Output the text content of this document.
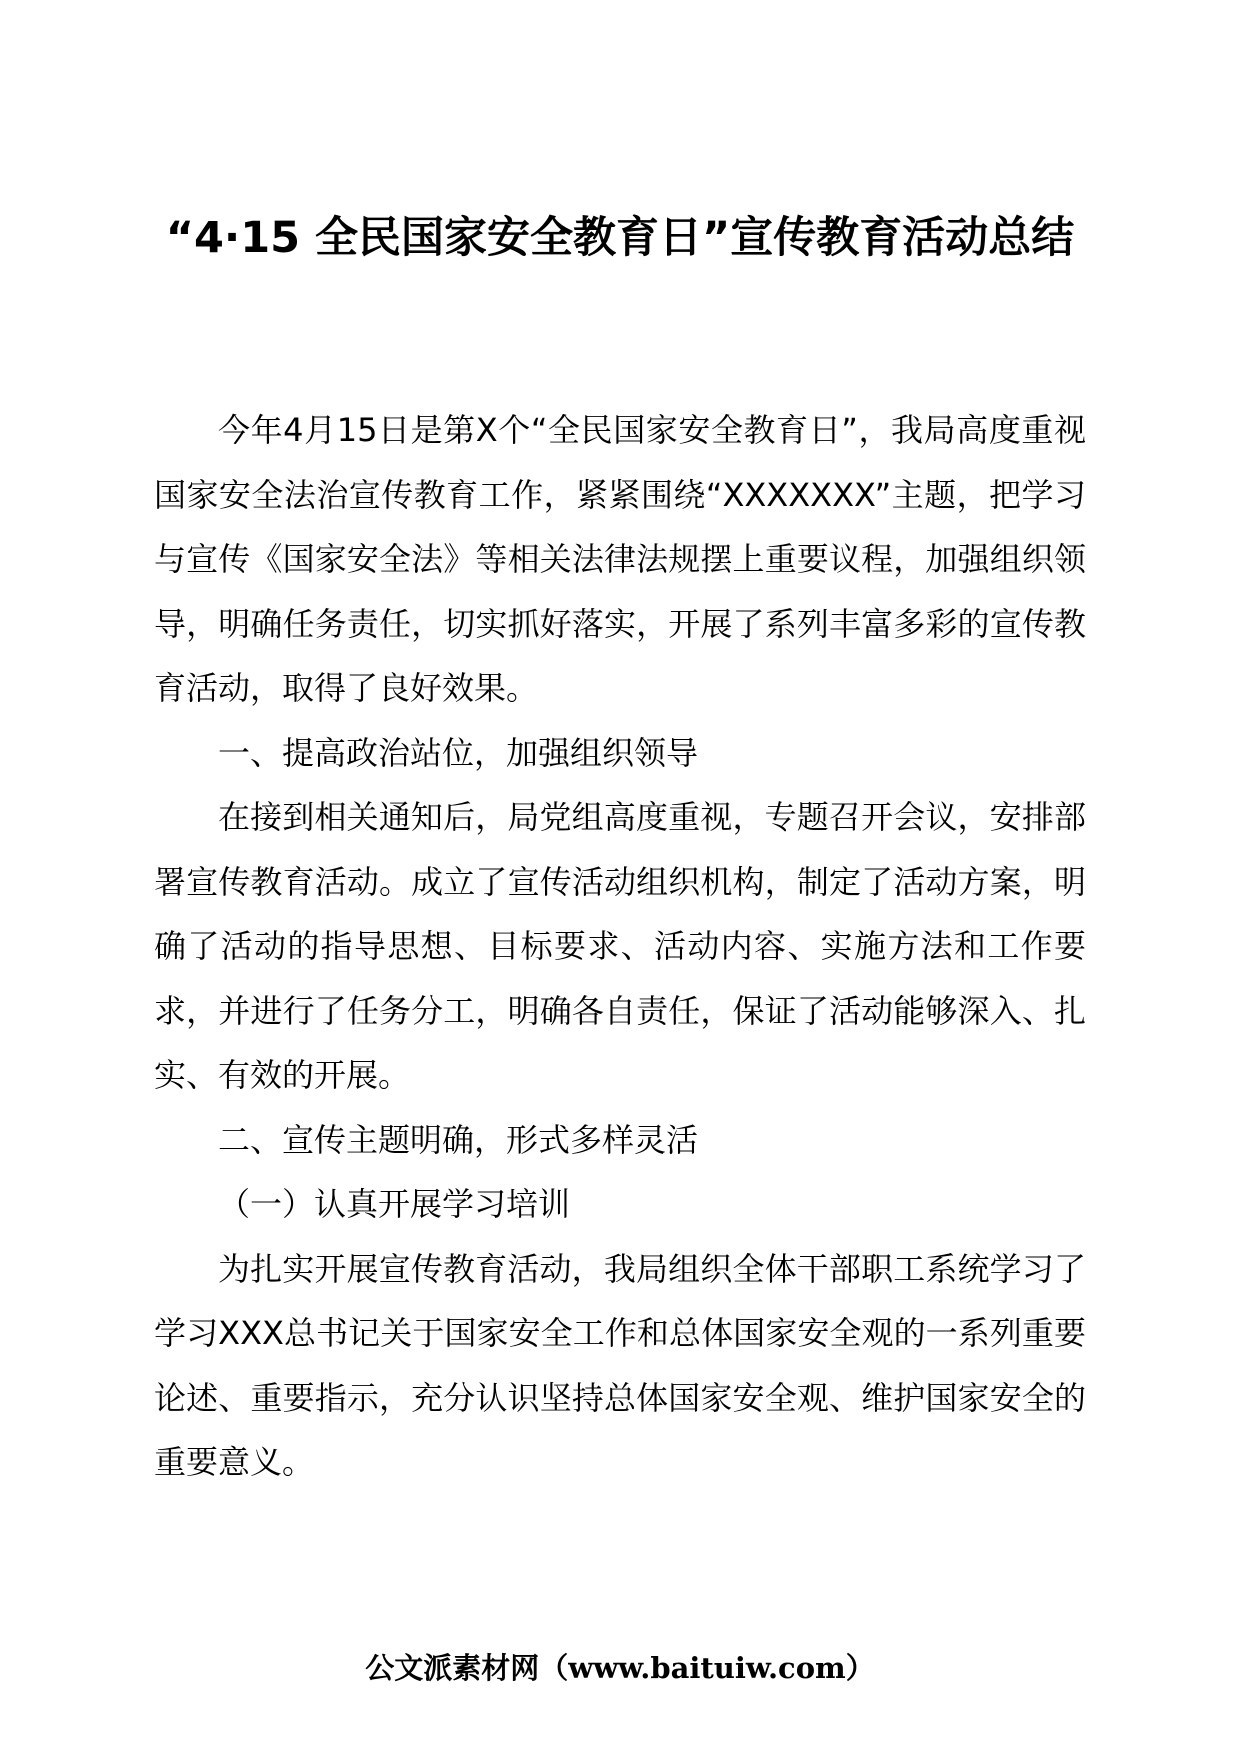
“4·15 全民国家安全教育日”宣传教育活动总结

今年4月15日是第X个“全民国家安全教育日”，我局高度重视国家安全法治宣传教育工作，紧紧围绕“XXXXXXX”主题，把学习与宣传《国家安全法》等相关法律法规摆上重要议程，加强组织领导，明确任务责任，切实抓好落实，开展了系列丰富多彩的宣传教育活动，取得了良好效果。

一、提高政治站位，加强组织领导

在接到相关通知后，局党组高度重视，专题召开会议，安排部署宣传教育活动。成立了宣传活动组织机构，制定了活动方案，明确了活动的指导思想、目标要求、活动内容、实施方法和工作要求，并进行了任务分工，明确各自责任，保证了活动能够深入、扎实、有效的开展。

二、宣传主题明确，形式多样灵活

（一）认真开展学习培训

为扎实开展宣传教育活动，我局组织全体干部职工系统学习了学习XXX总书记关于国家安全工作和总体国家安全观的一系列重要论述、重要指示，充分认识坚持总体国家安全观、维护国家安全的重要意义。

公文派素材网（www.baituiw.com）
